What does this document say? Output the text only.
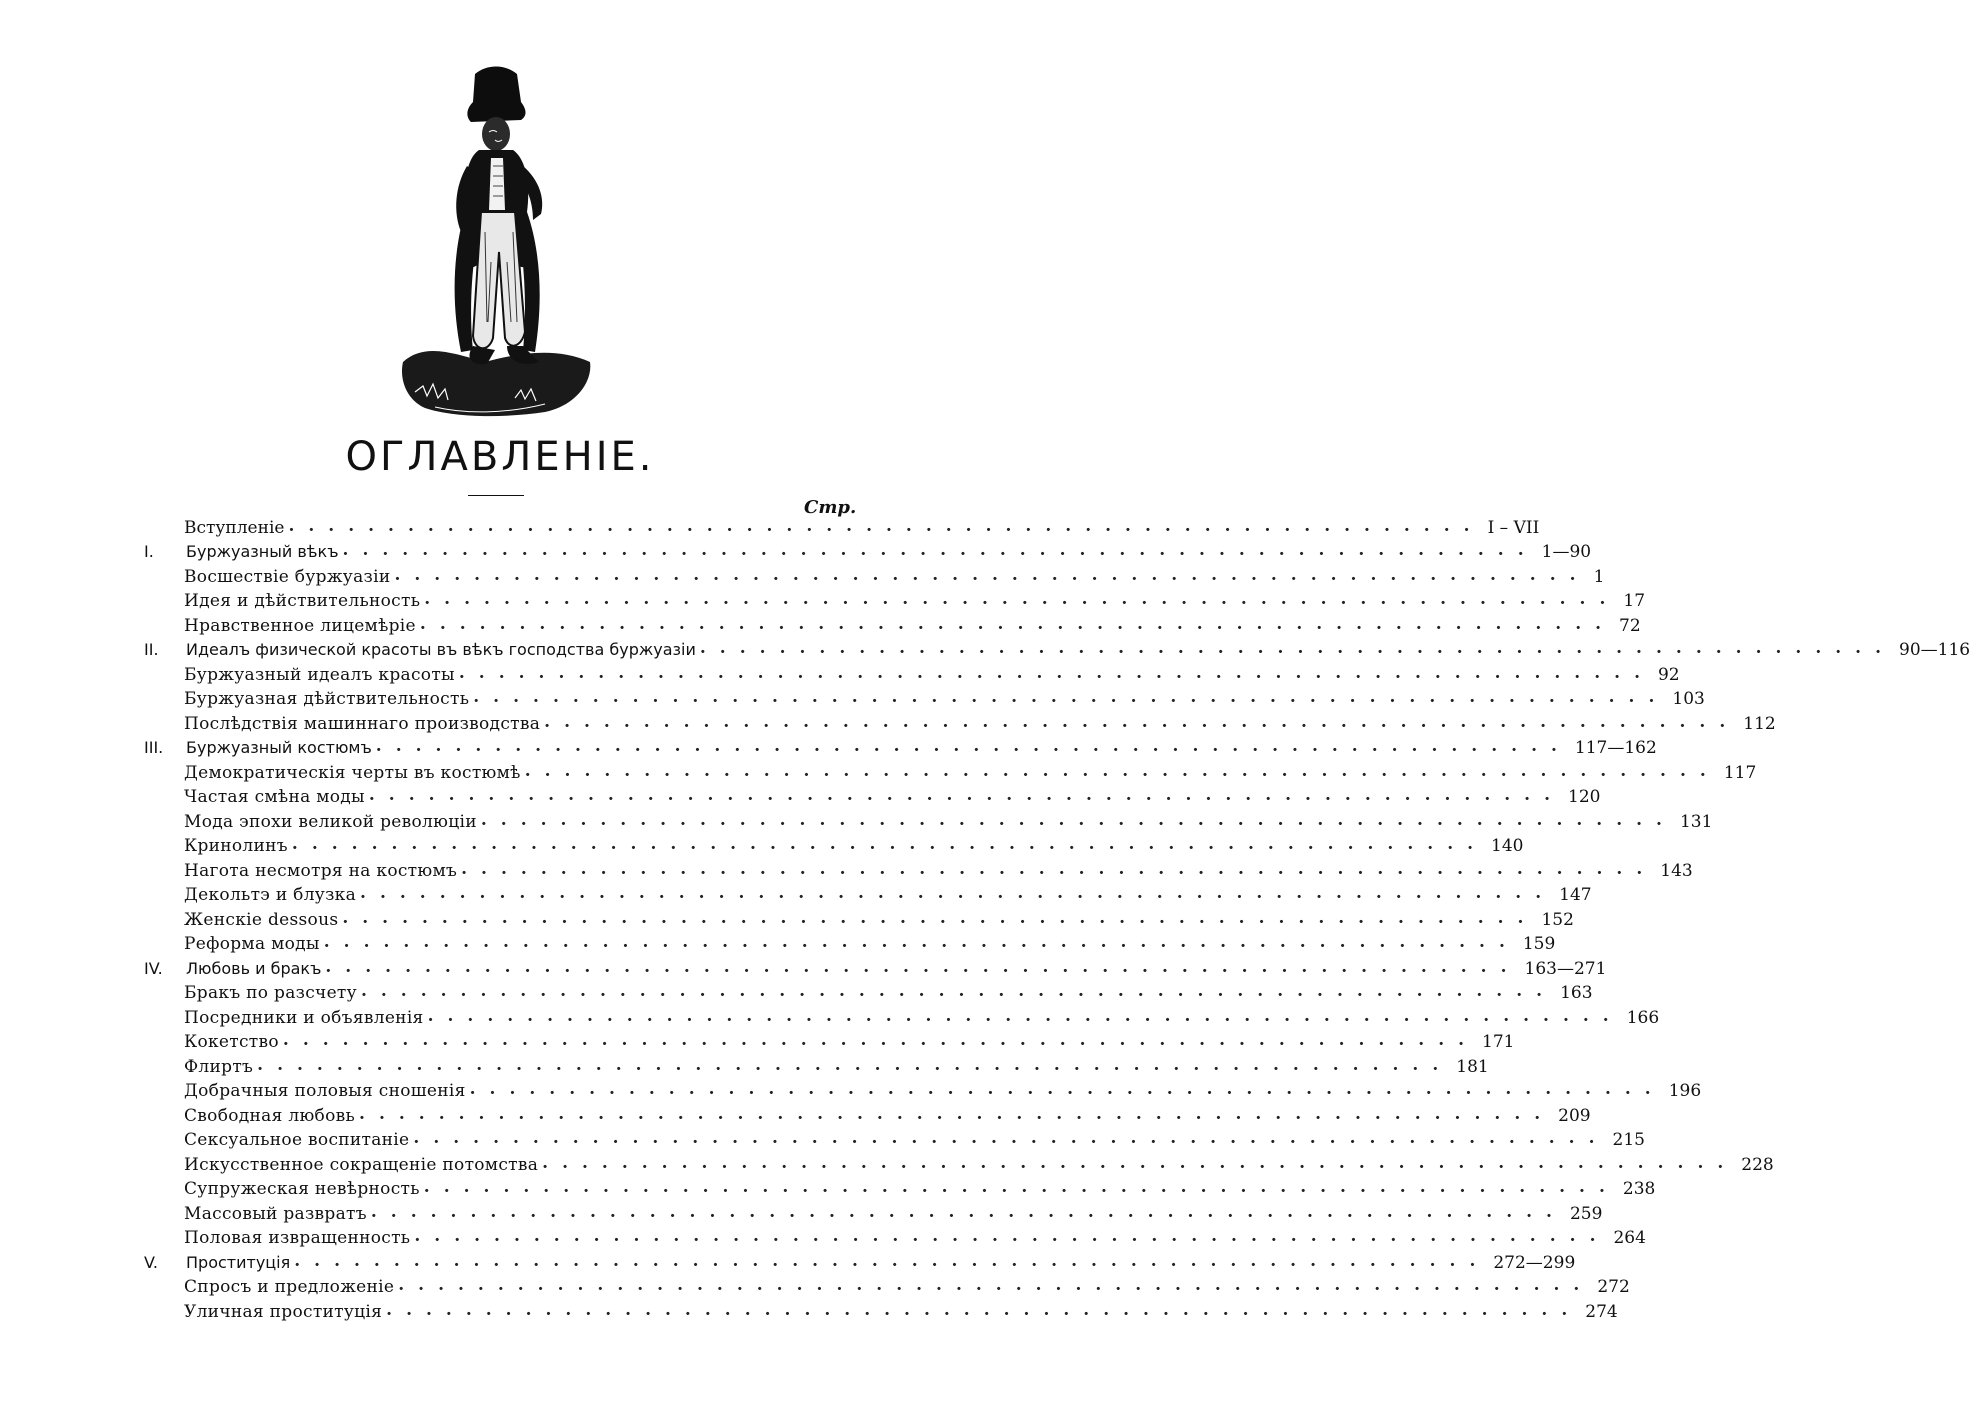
ОГЛАВЛЕНІЕ.
Стр.
Вступленіе ............................................................ I – VII
I.	Буржуазный вѣкъ ............................................................ 1—90
Восшествіе буржуазіи ............................................................ 1
Идея и дѣйствительность ............................................................ 17
Нравственное лицемѣріе ............................................................ 72
II.	Идеалъ физической красоты въ вѣкъ господства буржуазіи ............................................................ 90—116
Буржуазный идеалъ красоты ............................................................ 92
Буржуазная дѣйствительность ............................................................ 103
Послѣдствія машиннаго производства ............................................................ 112
III.	Буржуазный костюмъ ............................................................ 117—162
Демократическія черты въ костюмѣ ............................................................ 117
Частая смѣна моды ............................................................ 120
Мода эпохи великой революціи ............................................................ 131
Кринолинъ ............................................................ 140
Нагота несмотря на костюмъ ............................................................ 143
Декольтэ и блузка ............................................................ 147
Женскіе dessous ............................................................ 152
Реформа моды ............................................................ 159
IV.	Любовь и бракъ ............................................................ 163—271
Бракъ по разсчету ............................................................ 163
Посредники и объявленія ............................................................ 166
Кокетство ............................................................ 171
Флиртъ ............................................................ 181
Добрачныя половыя сношенія ............................................................ 196
Свободная любовь ............................................................ 209
Сексуальное воспитаніе ............................................................ 215
Искусственное сокращеніе потомства ............................................................ 228
Супружеская невѣрность ............................................................ 238
Массовый развратъ ............................................................ 259
Половая извращенность ............................................................ 264
V.	Проституція ............................................................ 272—299
Спросъ и предложеніе ............................................................ 272
Уличная проституція ............................................................ 274
